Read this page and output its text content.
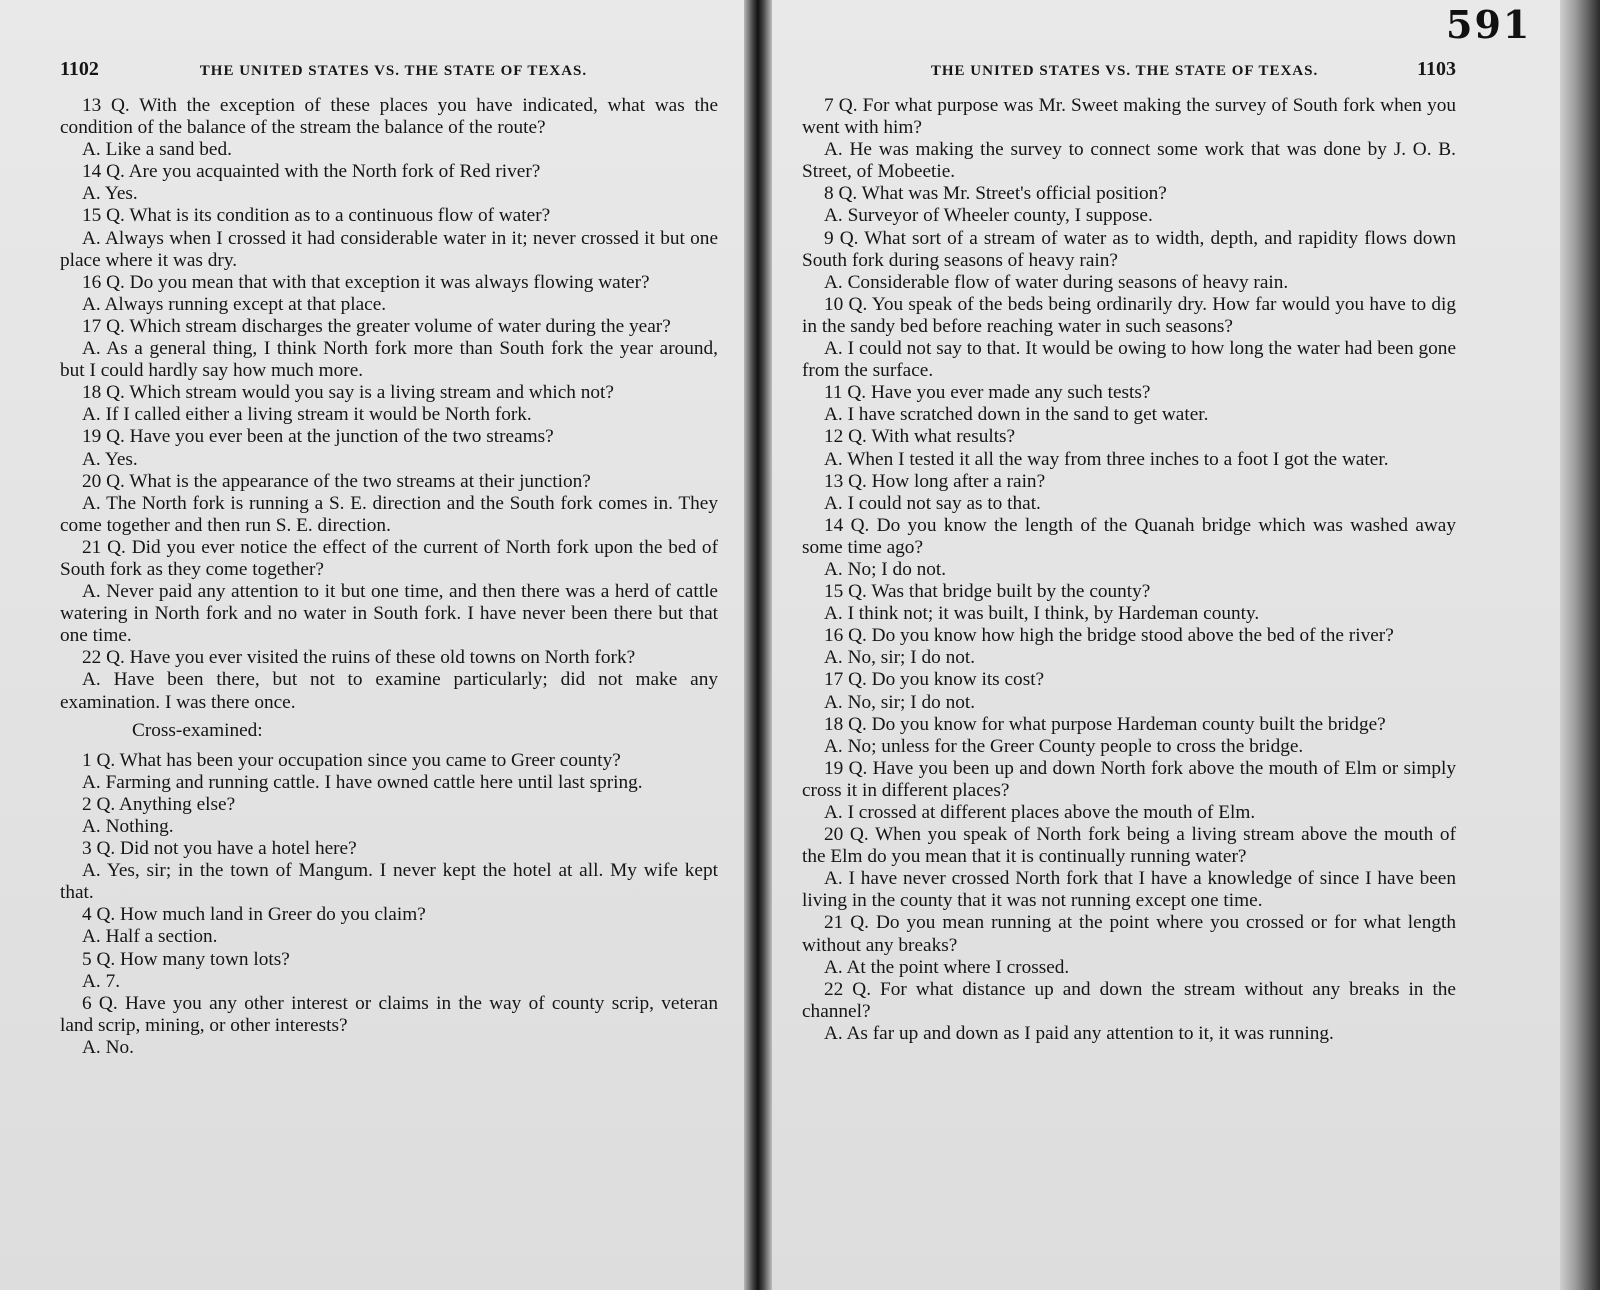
1102	THE UNITED STATES VS. THE STATE OF TEXAS.

13 Q. With the exception of these places you have indicated, what was the condition of the balance of the stream the balance of the route?

A. Like a sand bed.

14 Q. Are you acquainted with the North fork of Red river?

A. Yes.

15 Q. What is its condition as to a continuous flow of water?

A. Always when I crossed it had considerable water in it; never crossed it but one place where it was dry.

16 Q. Do you mean that with that exception it was always flowing water?

A. Always running except at that place.

17 Q. Which stream discharges the greater volume of water during the year?

A. As a general thing, I think North fork more than South fork the year around, but I could hardly say how much more.

18 Q. Which stream would you say is a living stream and which not?

A. If I called either a living stream it would be North fork.

19 Q. Have you ever been at the junction of the two streams?

A. Yes.

20 Q. What is the appearance of the two streams at their junction?

A. The North fork is running a S. E. direction and the South fork comes in. They come together and then run S. E. direction.

21 Q. Did you ever notice the effect of the current of North fork upon the bed of South fork as they come together?

A. Never paid any attention to it but one time, and then there was a herd of cattle watering in North fork and no water in South fork. I have never been there but that one time.

22 Q. Have you ever visited the ruins of these old towns on North fork?

A. Have been there, but not to examine particularly; did not make any examination. I was there once.

Cross-examined:

1 Q. What has been your occupation since you came to Greer county?

A. Farming and running cattle. I have owned cattle here until last spring.

2 Q. Anything else?

A. Nothing.

3 Q. Did not you have a hotel here?

A. Yes, sir; in the town of Mangum. I never kept the hotel at all. My wife kept that.

4 Q. How much land in Greer do you claim?

A. Half a section.

5 Q. How many town lots?

A. 7.

6 Q. Have you any other interest or claims in the way of county scrip, veteran land scrip, mining, or other interests?

A. No.

THE UNITED STATES VS. THE STATE OF TEXAS.	1103

7 Q. For what purpose was Mr. Sweet making the survey of South fork when you went with him?

A. He was making the survey to connect some work that was done by J. O. B. Street, of Mobeetie.

8 Q. What was Mr. Street's official position?

A. Surveyor of Wheeler county, I suppose.

9 Q. What sort of a stream of water as to width, depth, and rapidity flows down South fork during seasons of heavy rain?

A. Considerable flow of water during seasons of heavy rain.

10 Q. You speak of the beds being ordinarily dry. How far would you have to dig in the sandy bed before reaching water in such seasons?

A. I could not say to that. It would be owing to how long the water had been gone from the surface.

11 Q. Have you ever made any such tests?

A. I have scratched down in the sand to get water.

12 Q. With what results?

A. When I tested it all the way from three inches to a foot I got the water.

13 Q. How long after a rain?

A. I could not say as to that.

14 Q. Do you know the length of the Quanah bridge which was washed away some time ago?

A. No; I do not.

15 Q. Was that bridge built by the county?

A. I think not; it was built, I think, by Hardeman county.

16 Q. Do you know how high the bridge stood above the bed of the river?

A. No, sir; I do not.

17 Q. Do you know its cost?

A. No, sir; I do not.

18 Q. Do you know for what purpose Hardeman county built the bridge?

A. No; unless for the Greer County people to cross the bridge.

19 Q. Have you been up and down North fork above the mouth of Elm or simply cross it in different places?

A. I crossed at different places above the mouth of Elm.

20 Q. When you speak of North fork being a living stream above the mouth of the Elm do you mean that it is continually running water?

A. I have never crossed North fork that I have a knowledge of since I have been living in the county that it was not running except one time.

21 Q. Do you mean running at the point where you crossed or for what length without any breaks?

A. At the point where I crossed.

22 Q. For what distance up and down the stream without any breaks in the channel?

A. As far up and down as I paid any attention to it, it was running.

591
